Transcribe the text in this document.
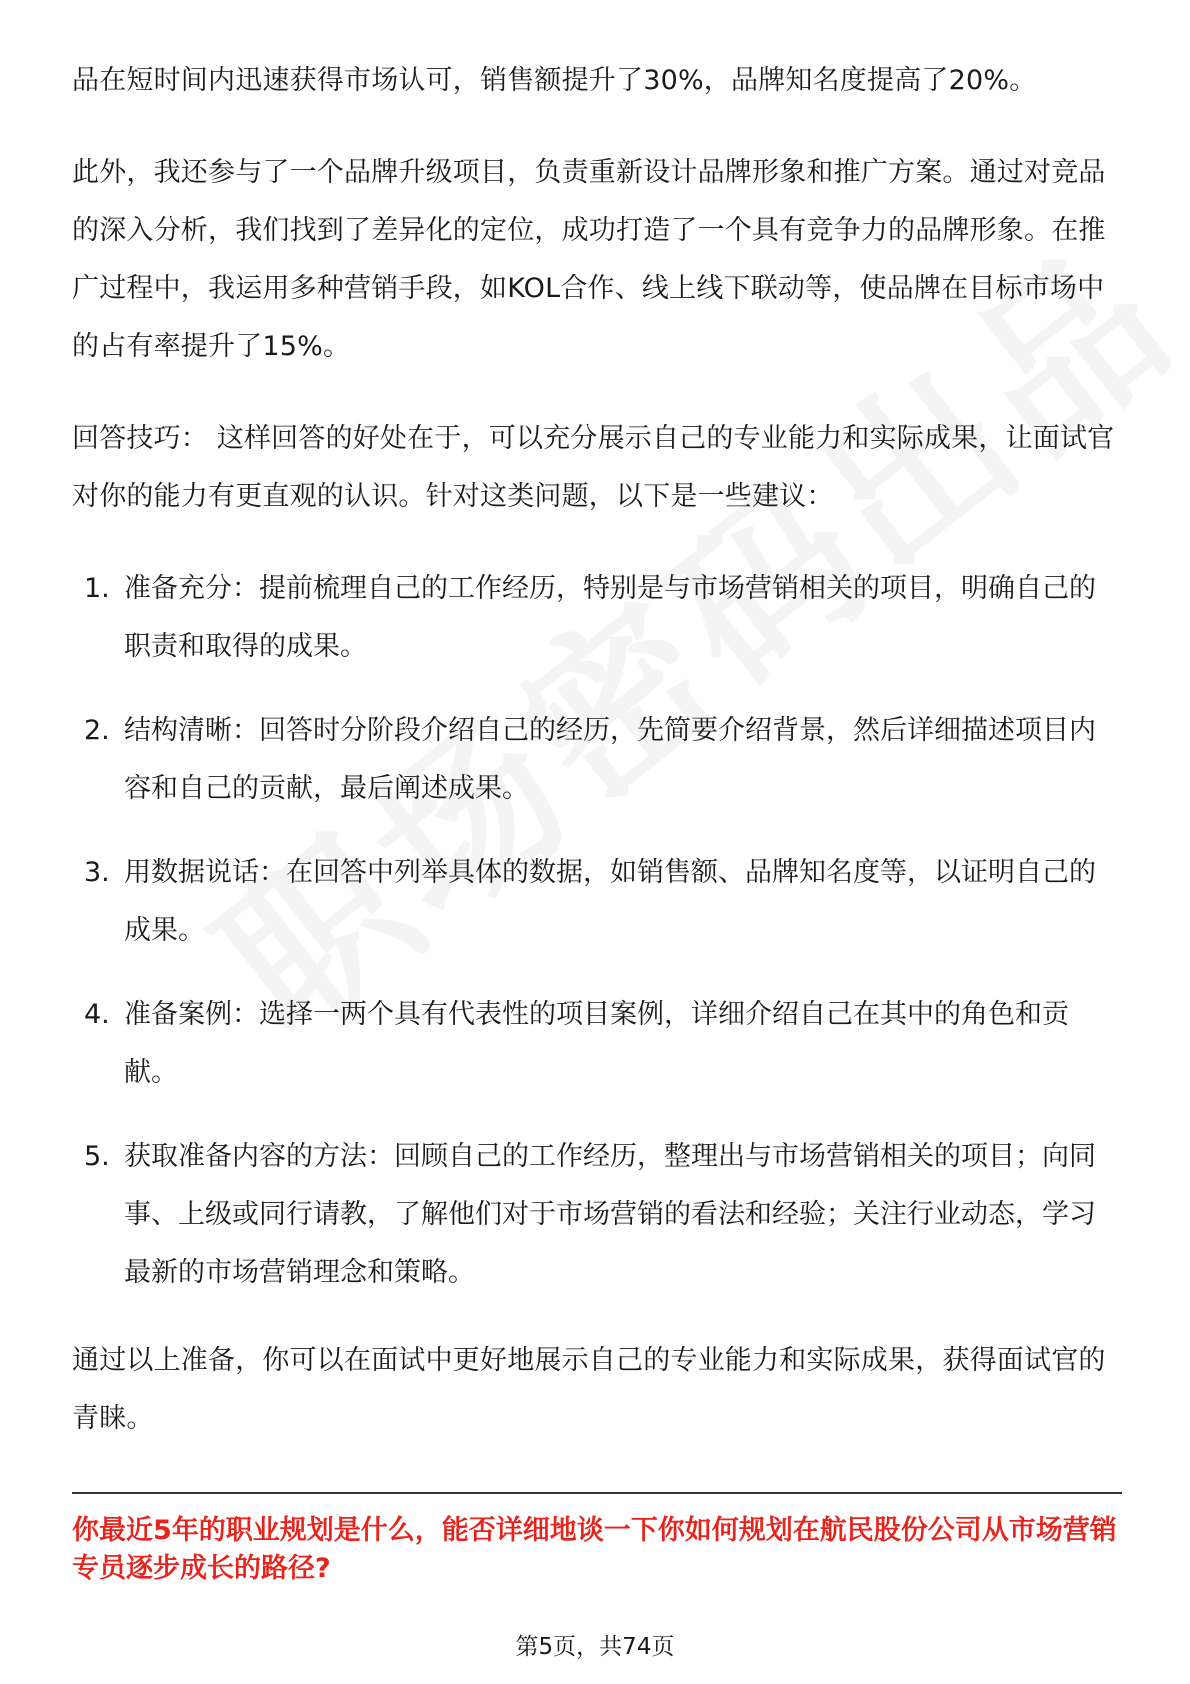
品在短时间内迅速获得市场认可，销售额提升了30%，品牌知名度提高了20%。

此外，我还参与了一个品牌升级项目，负责重新设计品牌形象和推广方案。通过对竞品的深入分析，我们找到了差异化的定位，成功打造了一个具有竞争力的品牌形象。在推广过程中，我运用多种营销手段，如KOL合作、线上线下联动等，使品牌在目标市场中的占有率提升了15%。

回答技巧： 这样回答的好处在于，可以充分展示自己的专业能力和实际成果，让面试官对你的能力有更直观的认识。针对这类问题，以下是一些建议：

1. 准备充分：提前梳理自己的工作经历，特别是与市场营销相关的项目，明确自己的职责和取得的成果。
2. 结构清晰：回答时分阶段介绍自己的经历，先简要介绍背景，然后详细描述项目内容和自己的贡献，最后阐述成果。
3. 用数据说话：在回答中列举具体的数据，如销售额、品牌知名度等，以证明自己的成果。
4. 准备案例：选择一两个具有代表性的项目案例，详细介绍自己在其中的角色和贡献。
5. 获取准备内容的方法：回顾自己的工作经历，整理出与市场营销相关的项目；向同事、上级或同行请教，了解他们对于市场营销的看法和经验；关注行业动态，学习最新的市场营销理念和策略。

通过以上准备，你可以在面试中更好地展示自己的专业能力和实际成果，获得面试官的青睐。

你最近5年的职业规划是什么，能否详细地谈一下你如何规划在航民股份公司从市场营销专员逐步成长的路径?
第5页，共74页
